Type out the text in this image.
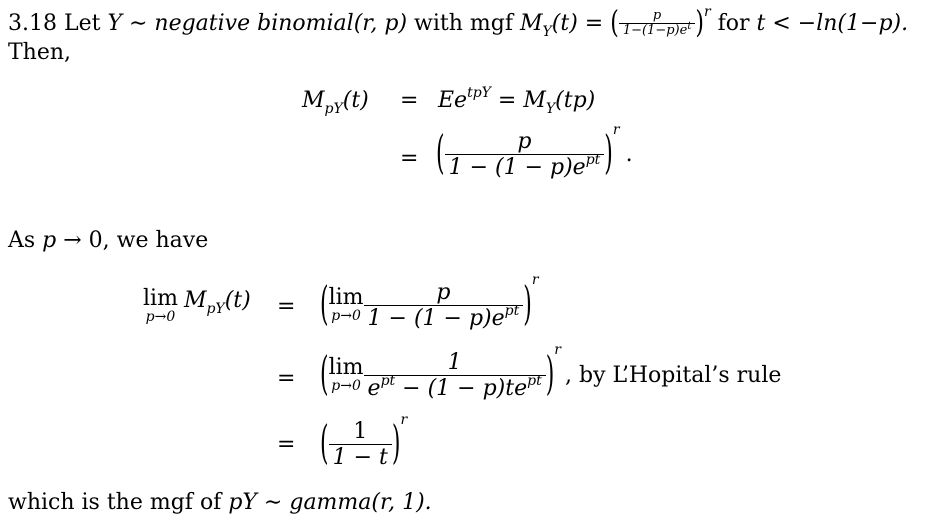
3.18 Let Y ∼ negative binomial(r, p) with mgf $M_Y(t)$ = ( $\frac{p}{1-(1-p)e^t} )^r$ for t < −ln(1−p).
Then,
$M_{pY}(t) = Ee^{tpY} = M_Y(tp)$
= ( $\frac{p}{1 - (1 - p)e^{pt}}$ ) r
.
As p → 0, we have
lim
p→0
$M_{pY}(t)$ = ( lim
$p\to 0 \frac{p}{1 - (1 - p)e^{pt}}$ ) r
= ( lim
$p\to 0 \frac{1}{e^{pt} - (1 - p)te^{pt}}$ ) r
, by L’Hopital’s rule
= ( $\frac{1}{1 - t}$ ) r
which is the mgf of pY ∼ gamma(r, 1).
